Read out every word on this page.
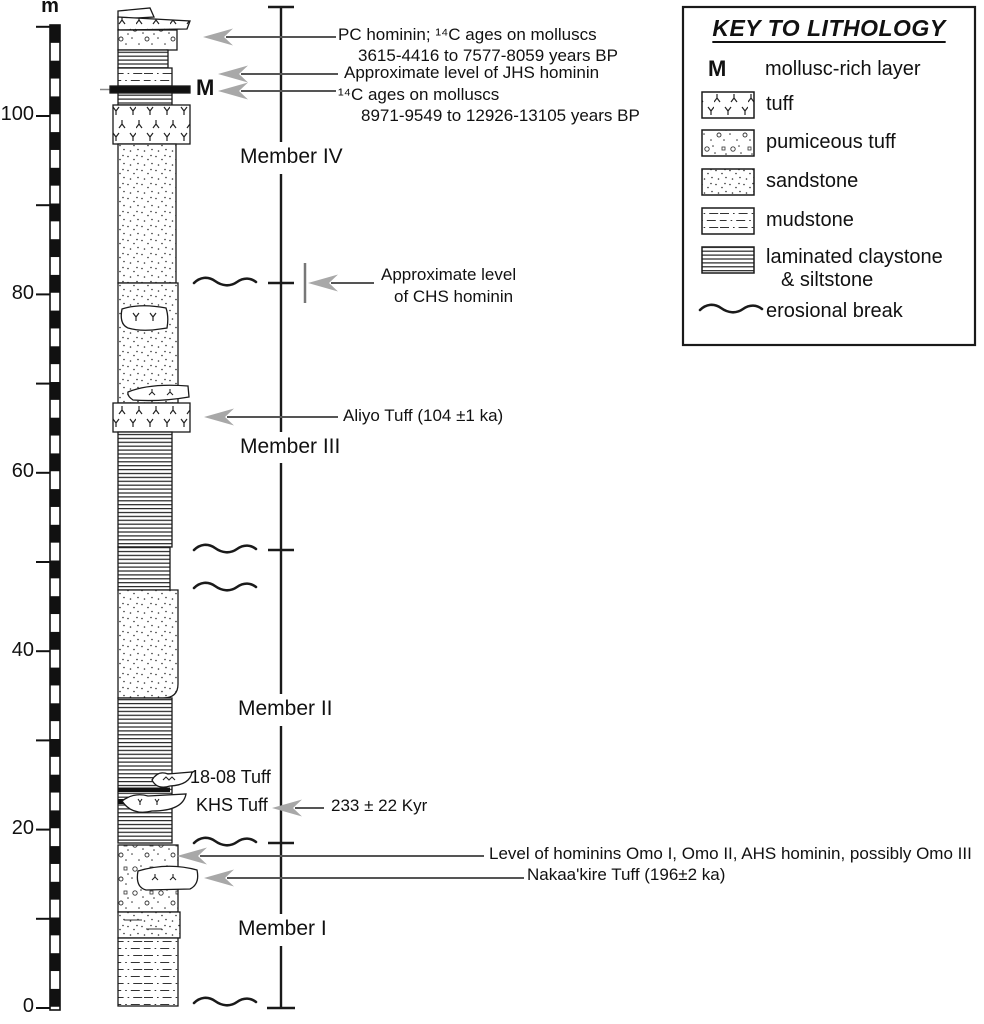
m
100
80
60
40
20
0
Member IV
Member III
Member II
Member I
PC hominin; ¹⁴C ages on molluscs
3615-4416 to 7577-8059 years BP
Approximate level of JHS hominin
¹⁴C ages on molluscs
8971-9549 to 12926-13105 years BP
M
Approximate level
of CHS hominin
Aliyo Tuff (104 ±1 ka)
18-08 Tuff
KHS Tuff	233 ± 22 Kyr
Level of hominins Omo I, Omo II, AHS hominin, possibly Omo III
Nakaa'kire Tuff (196±2 ka)
KEY TO LITHOLOGY
M mollusc-rich layer
tuff
pumiceous tuff
sandstone
mudstone
laminated claystone
& siltstone
erosional break
